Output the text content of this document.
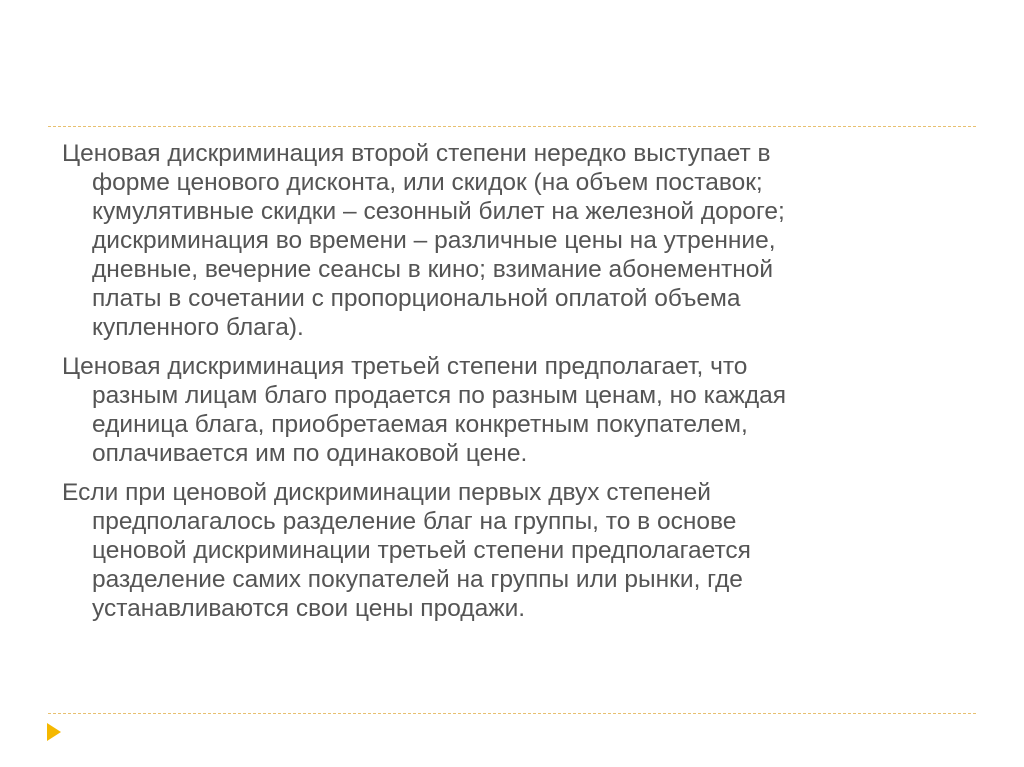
Ценовая дискриминация второй степени нередко выступает в
форме ценового дисконта, или скидок (на объем поставок;
кумулятивные скидки – сезонный билет на железной дороге;
дискриминация во времени – различные цены на утренние,
дневные, вечерние сеансы в кино; взимание абонементной
платы в сочетании с пропорциональной оплатой объема
купленного блага).

Ценовая дискриминация третьей степени предполагает, что
разным лицам благо продается по разным ценам, но каждая
единица блага, приобретаемая конкретным покупателем,
оплачивается им по одинаковой цене.

Если при ценовой дискриминации первых двух степеней
предполагалось разделение благ на группы, то в основе
ценовой дискриминации третьей степени предполагается
разделение самих покупателей на группы или рынки, где
устанавливаются свои цены продажи.
